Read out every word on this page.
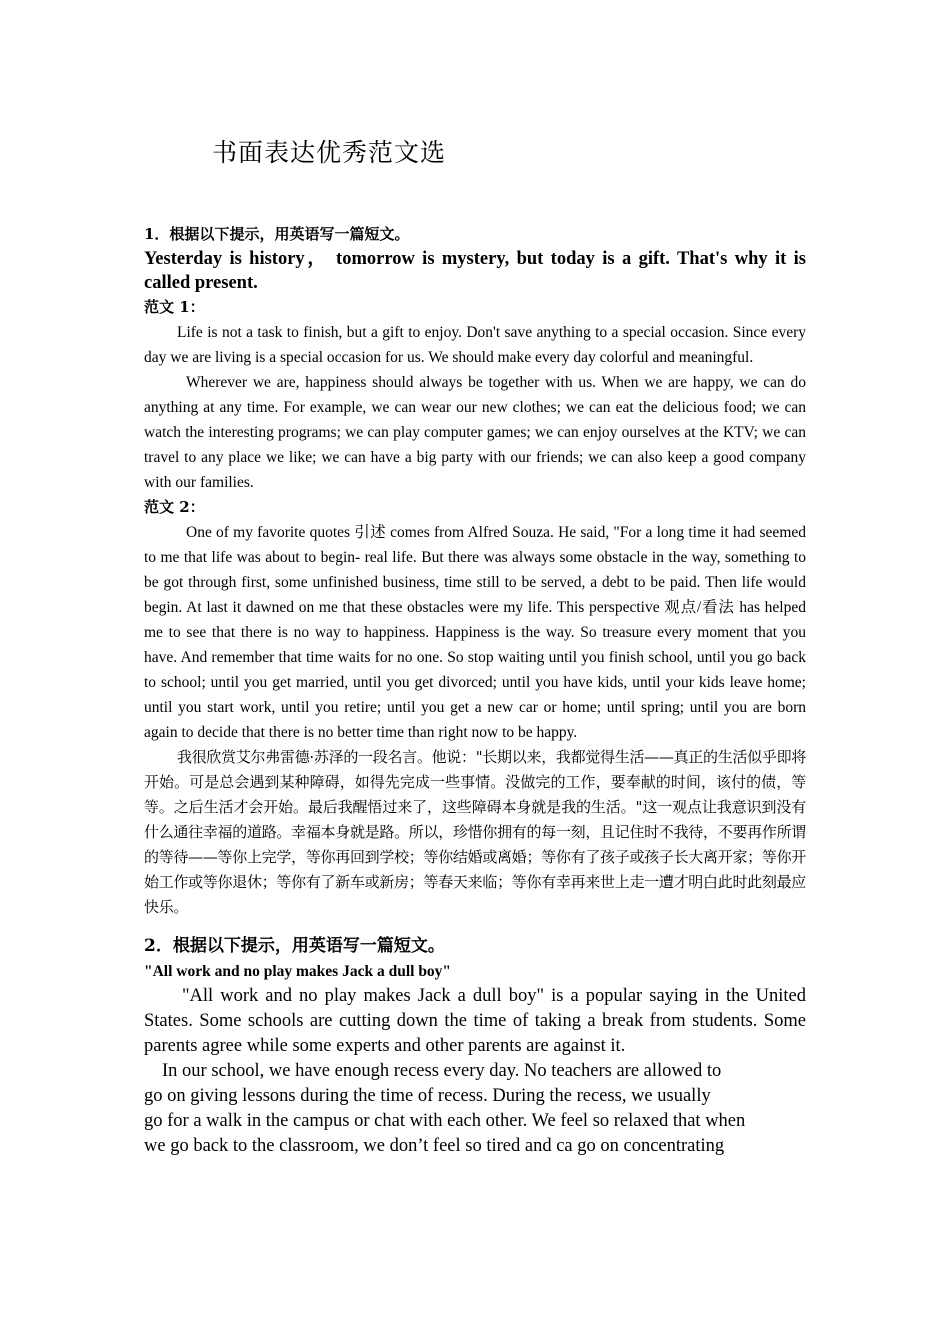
书面表达优秀范文选

1．根据以下提示，用英语写一篇短文。

Yesterday is history， tomorrow is mystery, but today is a gift. That's why it is called present.

范文 1：

Life is not a task to finish, but a gift to enjoy. Don't save anything to a special occasion. Since every day we are living is a special occasion for us. We should make every day colorful and meaningful.

Wherever we are, happiness should always be together with us. When we are happy, we can do anything at any time. For example, we can wear our new clothes; we can eat the delicious food; we can watch the interesting programs; we can play computer games; we can enjoy ourselves at the KTV; we can travel to any place we like; we can have a big party with our friends; we can also keep a good company with our families.

范文 2：

One of my favorite quotes 引述 comes from Alfred Souza. He said, "For a long time it had seemed to me that life was about to begin- real life. But there was always some obstacle in the way, something to be got through first, some unfinished business, time still to be served, a debt to be paid. Then life would begin. At last it dawned on me that these obstacles were my life. This perspective 观点/看法 has helped me to see that there is no way to happiness. Happiness is the way. So treasure every moment that you have. And remember that time waits for no one. So stop waiting until you finish school, until you go back to school; until you get married, until you get divorced; until you have kids, until your kids leave home; until you start work, until you retire; until you get a new car or home; until spring; until you are born again to decide that there is no better time than right now to be happy.

我很欣赏艾尔弗雷德·苏泽的一段名言。他说："长期以来，我都觉得生活——真正的生活似乎即将开始。可是总会遇到某种障碍，如得先完成一些事情。没做完的工作，要奉献的时间，该付的债，等等。之后生活才会开始。最后我醒悟过来了，这些障碍本身就是我的生活。"这一观点让我意识到没有什么通往幸福的道路。幸福本身就是路。所以，珍惜你拥有的每一刻，且记住时不我待，不要再作所谓的等待——等你上完学，等你再回到学校；等你结婚或离婚；等你有了孩子或孩子长大离开家；等你开始工作或等你退休；等你有了新车或新房；等春天来临；等你有幸再来世上走一遭才明白此时此刻最应快乐。

2．根据以下提示，用英语写一篇短文。

"All work and no play makes Jack a dull boy"

"All work and no play makes Jack a dull boy" is a popular saying in the United States. Some schools are cutting down the time of taking a break from students. Some parents agree while some experts and other parents are against it.

In our school, we have enough recess every day. No teachers are allowed to

go on giving lessons during the time of recess. During the recess, we usually

go for a walk in the campus or chat with each other. We feel so relaxed that when

we go back to the classroom, we don’t feel so tired and ca go on concentrating
